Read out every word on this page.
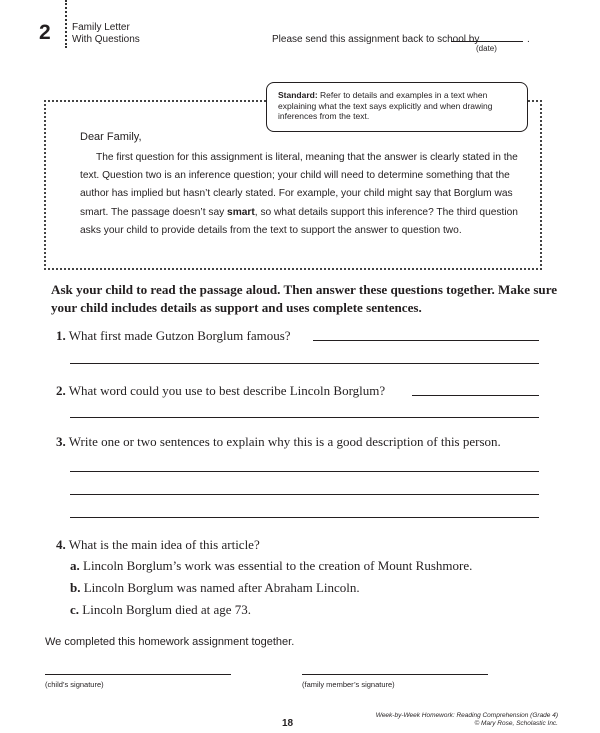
2 Family Letter
With Questions	Please send this assignment back to school by	.
(date)
Standard: Refer to details and examples in a text when explaining what the text says explicitly and when drawing inferences from the text.
Dear Family,
The first question for this assignment is literal, meaning that the answer is clearly stated in the text. Question two is an inference question; your child will need to determine something that the author has implied but hasn’t clearly stated. For example, your child might say that Borglum was smart. The passage doesn’t say smart, so what details support this inference? The third question asks your child to provide details from the text to support the answer to question two.
Ask your child to read the passage aloud. Then answer these questions together. Make sure your child includes details as support and uses complete sentences.
1. What first made Gutzon Borglum famous?
2. What word could you use to best describe Lincoln Borglum?
3. Write one or two sentences to explain why this is a good description of this person.
4. What is the main idea of this article?
a. Lincoln Borglum’s work was essential to the creation of Mount Rushmore.
b. Lincoln Borglum was named after Abraham Lincoln.
c. Lincoln Borglum died at age 73.
We completed this homework assignment together.
(child’s signature)	(family member’s signature)
18
Week-by-Week Homework: Reading Comprehension (Grade 4)
© Mary Rose, Scholastic Inc.
